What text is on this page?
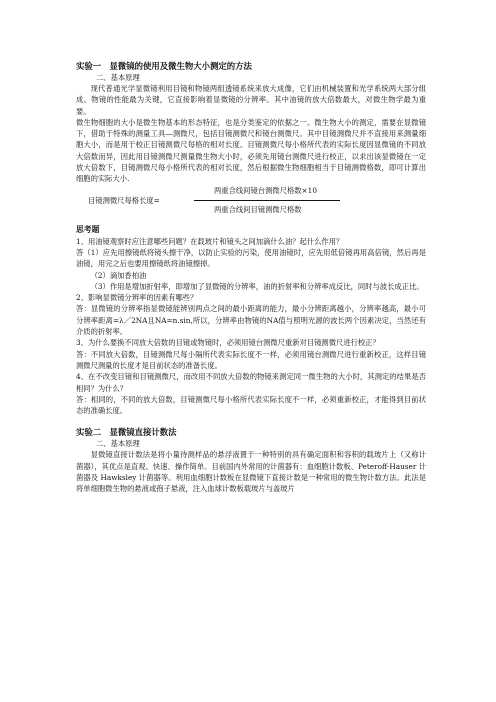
实验一　显微镜的使用及微生物大小测定的方法
二、基本原理

现代普通光学显微镜利用目镜和物镜两组透镜系统来放大成像，它们由机械装置和光学系统两大部分组成。物镜的性能最为关键，它直接影响着显微镜的分辨率。其中油镜的放大倍数最大，对微生物学最为重要。

微生物细胞的大小是微生物基本的形态特征，也是分类鉴定的依据之一。微生物大小的测定，需要在显微镜下，借助于特殊的测量工具—测微尺，包括目镜测微尺和镜台测微尺。其中目镜测微尺并不直接用来测量细胞大小，而是用于校正目镜测微尺每格的相对长度。目镜测微尺每小格所代表的实际长度因显微镜的不同放大倍数而异，因此用目镜测微尺测量微生物大小时，必须先用镜台测微尺进行校正，以求出该显微镜在一定放大倍数下，目镜测微尺每小格所代表的相对长度，然后根据微生物细胞相当于目镜测微格数，即可计算出细胞的实际大小.

目镜测微尺每格长度=
两重合线间镜台测微尺格数×10
两重合线间目镜测微尺格数
思考题

1、用油镜观察时应注意哪些问题？在载玻片和镜头之间加滴什么油？起什么作用？

答（1）应先用擦镜纸将镜头擦干净，以防止实验的污染，使用油镜时，应先用低倍镜再用高倍镜，然后再是油镜，用完之后也要用擦镜纸将油镜擦掉。

（2）滴加香柏油

（3）作用是增加折射率，即增加了显微镜的分辨率，油的折射率和分辨率成反比，同时与波长成正比。

2、影响显微镜分辨率的因素有哪些？

答：显微镜的分辨率指显微镜能辨别两点之间的最小距离的能力，最小分辨距离越小，分辨率越高，最小可分辨率距离=λ／2NA且NA=n.sin,所以，分辨率由物镜的NA值与照明光源的波长两个因素决定，当然还有介质的折射率。

3、为什么要换不同放大倍数的目镜或物镜时，必须用镜台测微尺重新对目镜测微尺进行校正？

答：不同放大倍数，目镜测微尺每小隔所代表实际长度不一样，必须用镜台测微尺进行重新校正，这样目镜测微尺测量的长度才是目前状态的准备长度。

4、在不改变目镜和目镜测微尺，而改用不同放大倍数的物镜来测定同一微生物的大小时，其测定的结果是否相同？为什么？

答：相同的，不同的放大倍数，目镜测微尺每小格所代表实际长度不一样，必须重新校正，才能得到目前状态的准确长度。

实验二　显微镜直接计数法
二、基本原理

显微镜直接计数法是将小量待测样品的悬浮液置于一种特别的具有确定面积和容积的载玻片上（又称计菌器），其优点是直观、快速、操作简单。目前国内外常用的计菌器有：血细胞计数板、Peteroff-Hauser 计菌器及 Hawksley 计菌器等。利用血细胞计数板在显微镜下直接计数是一种常用的微生物计数方法。此法是将单细胞微生物的悬液或孢子悬液，注入血球计数板载玻片与盖玻片
